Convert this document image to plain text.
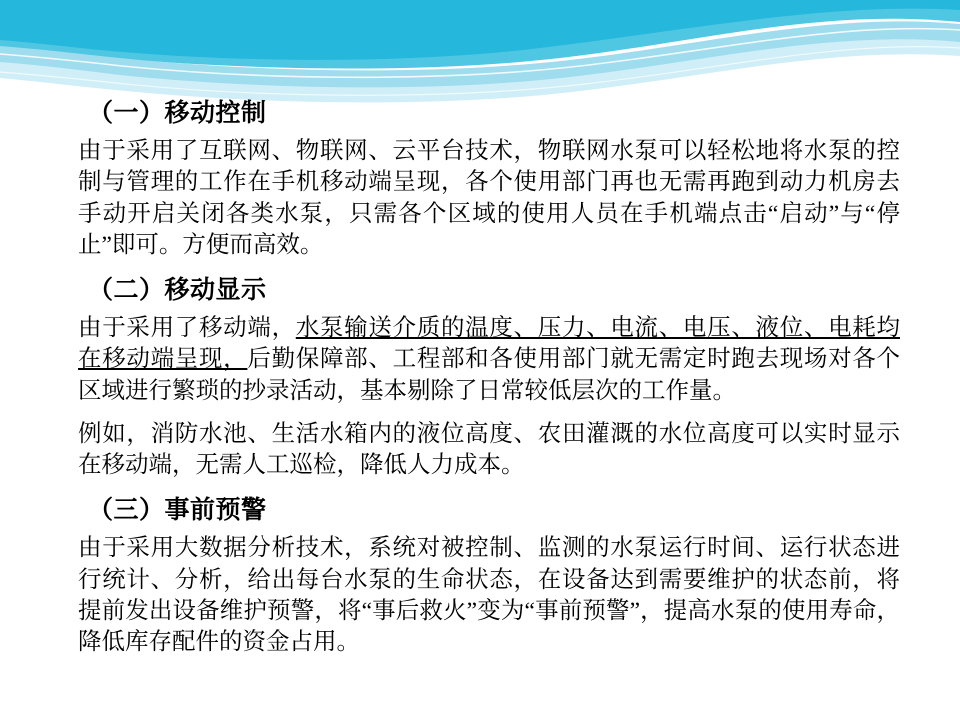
（一）移动控制

由于采用了互联网、物联网、云平台技术，物联网水泵可以轻松地将水泵的控制与管理的工作在手机移动端呈现，各个使用部门再也无需再跑到动力机房去手动开启关闭各类水泵，只需各个区域的使用人员在手机端点击“启动”与“停止”即可。方便而高效。

（二）移动显示

由于采用了移动端，水泵输送介质的温度、压力、电流、电压、液位、电耗均在移动端呈现，后勤保障部、工程部和各使用部门就无需定时跑去现场对各个区域进行繁琐的抄录活动，基本剔除了日常较低层次的工作量。

例如，消防水池、生活水箱内的液位高度、农田灌溉的水位高度可以实时显示在移动端，无需人工巡检，降低人力成本。

（三）事前预警

由于采用大数据分析技术，系统对被控制、监测的水泵运行时间、运行状态进行统计、分析，给出每台水泵的生命状态，在设备达到需要维护的状态前，将提前发出设备维护预警，将“事后救火”变为“事前预警”，提高水泵的使用寿命，降低库存配件的资金占用。
